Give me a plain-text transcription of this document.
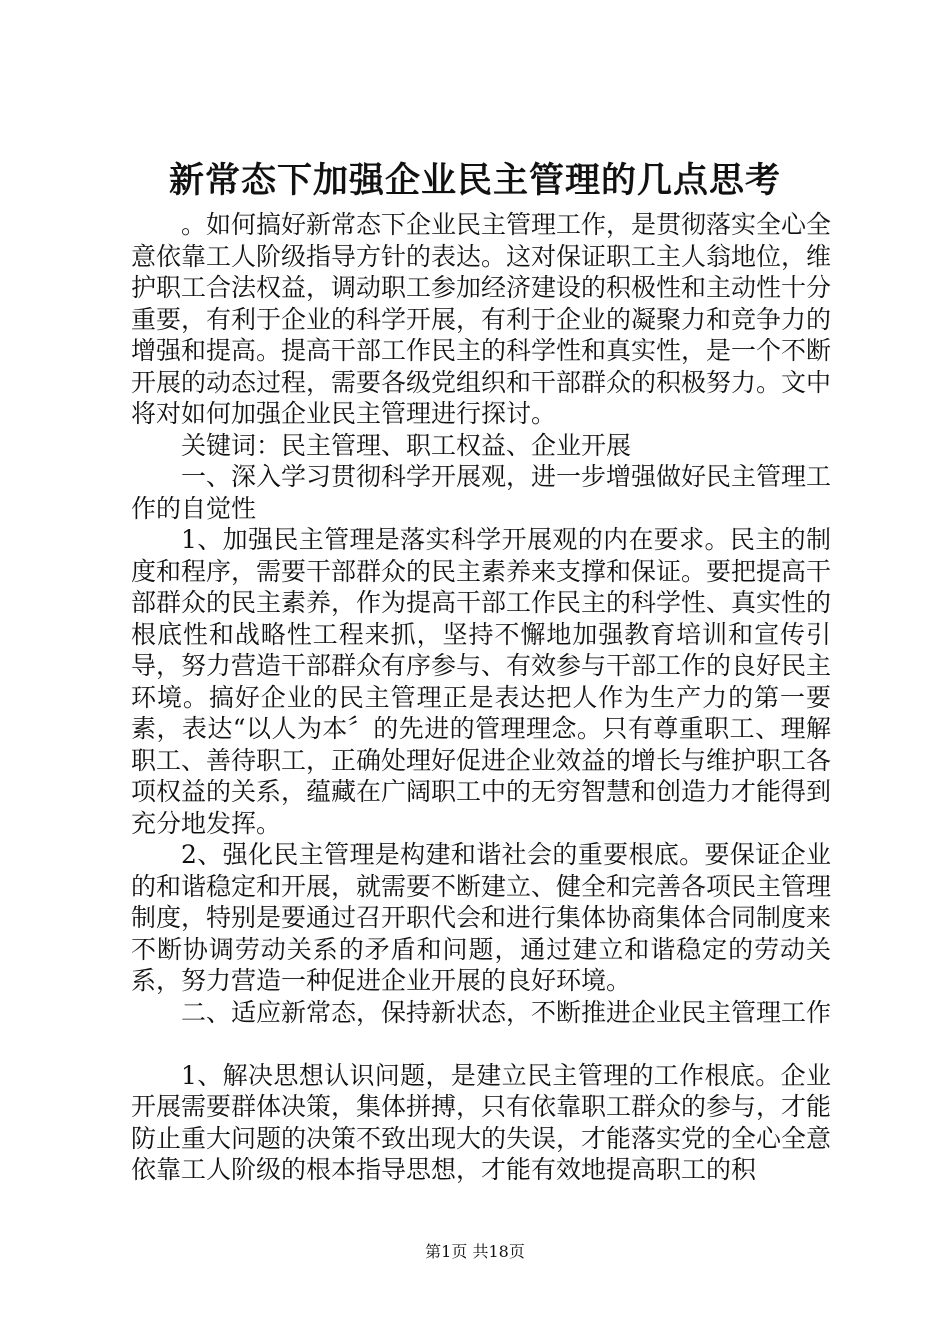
新常态下加强企业民主管理的几点思考

。如何搞好新常态下企业民主管理工作，是贯彻落实全心全意依靠工人阶级指导方针的表达。这对保证职工主人翁地位，维护职工合法权益，调动职工参加经济建设的积极性和主动性十分重要，有利于企业的科学开展，有利于企业的凝聚力和竞争力的增强和提高。提高干部工作民主的科学性和真实性，是一个不断开展的动态过程，需要各级党组织和干部群众的积极努力。文中将对如何加强企业民主管理进行探讨。

关键词：民主管理、职工权益、企业开展

一、深入学习贯彻科学开展观，进一步增强做好民主管理工作的自觉性

1、加强民主管理是落实科学开展观的内在要求。民主的制度和程序，需要干部群众的民主素养来支撑和保证。要把提高干部群众的民主素养，作为提高干部工作民主的科学性、真实性的根底性和战略性工程来抓，坚持不懈地加强教育培训和宣传引导，努力营造干部群众有序参与、有效参与干部工作的良好民主环境。搞好企业的民主管理正是表达把人作为生产力的第一要素，表达“以人为本〞的先进的管理理念。只有尊重职工、理解职工、善待职工，正确处理好促进企业效益的增长与维护职工各项权益的关系，蕴藏在广阔职工中的无穷智慧和创造力才能得到充分地发挥。

2、强化民主管理是构建和谐社会的重要根底。要保证企业的和谐稳定和开展，就需要不断建立、健全和完善各项民主管理制度，特别是要通过召开职代会和进行集体协商集体合同制度来不断协调劳动关系的矛盾和问题，通过建立和谐稳定的劳动关系，努力营造一种促进企业开展的良好环境。

二、适应新常态，保持新状态，不断推进企业民主管理工作

1、解决思想认识问题，是建立民主管理的工作根底。企业开展需要群体决策，集体拼搏，只有依靠职工群众的参与，才能防止重大问题的决策不致出现大的失误，才能落实党的全心全意依靠工人阶级的根本指导思想，才能有效地提高职工的积

第1页 共18页
